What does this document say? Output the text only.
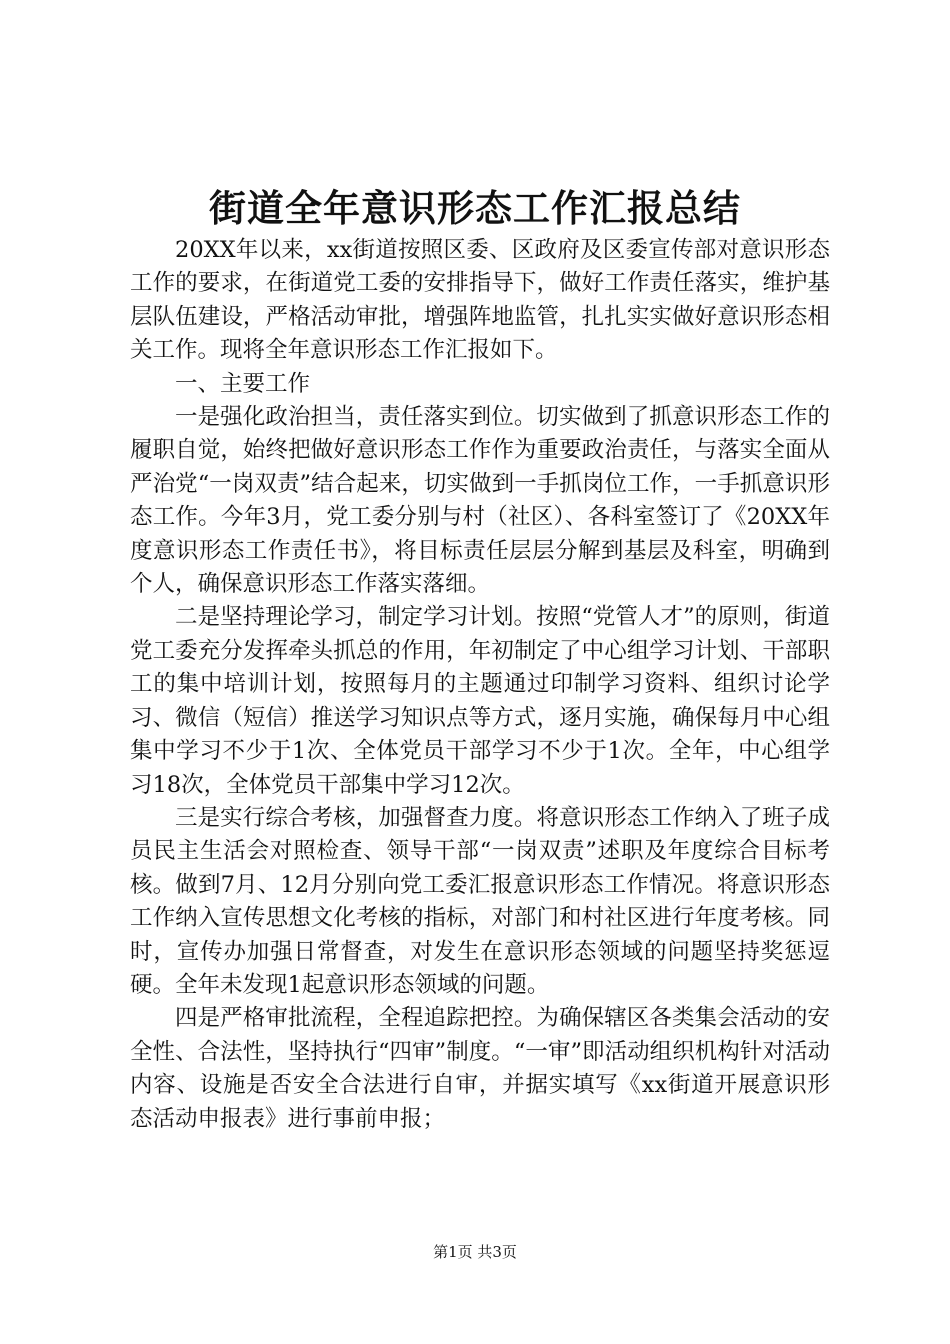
街道全年意识形态工作汇报总结

20XX年以来，xx街道按照区委、区政府及区委宣传部对意识形态工作的要求，在街道党工委的安排指导下，做好工作责任落实，维护基层队伍建设，严格活动审批，增强阵地监管，扎扎实实做好意识形态相关工作。现将全年意识形态工作汇报如下。

一、主要工作

一是强化政治担当，责任落实到位。切实做到了抓意识形态工作的履职自觉，始终把做好意识形态工作作为重要政治责任，与落实全面从严治党“一岗双责”结合起来，切实做到一手抓岗位工作，一手抓意识形态工作。今年3月，党工委分别与村（社区）、各科室签订了《20XX年度意识形态工作责任书》，将目标责任层层分解到基层及科室，明确到个人，确保意识形态工作落实落细。

二是坚持理论学习，制定学习计划。按照“党管人才”的原则，街道党工委充分发挥牵头抓总的作用，年初制定了中心组学习计划、干部职工的集中培训计划，按照每月的主题通过印制学习资料、组织讨论学习、微信（短信）推送学习知识点等方式，逐月实施，确保每月中心组集中学习不少于1次、全体党员干部学习不少于1次。全年，中心组学习18次，全体党员干部集中学习12次。

三是实行综合考核，加强督查力度。将意识形态工作纳入了班子成员民主生活会对照检查、领导干部“一岗双责”述职及年度综合目标考核。做到7月、12月分别向党工委汇报意识形态工作情况。将意识形态工作纳入宣传思想文化考核的指标，对部门和村社区进行年度考核。同时，宣传办加强日常督查，对发生在意识形态领域的问题坚持奖惩逗硬。全年未发现1起意识形态领域的问题。

四是严格审批流程，全程追踪把控。为确保辖区各类集会活动的安全性、合法性，坚持执行“四审”制度。“一审”即活动组织机构针对活动内容、设施是否安全合法进行自审，并据实填写《xx街道开展意识形态活动申报表》进行事前申报；

第1页 共3页
